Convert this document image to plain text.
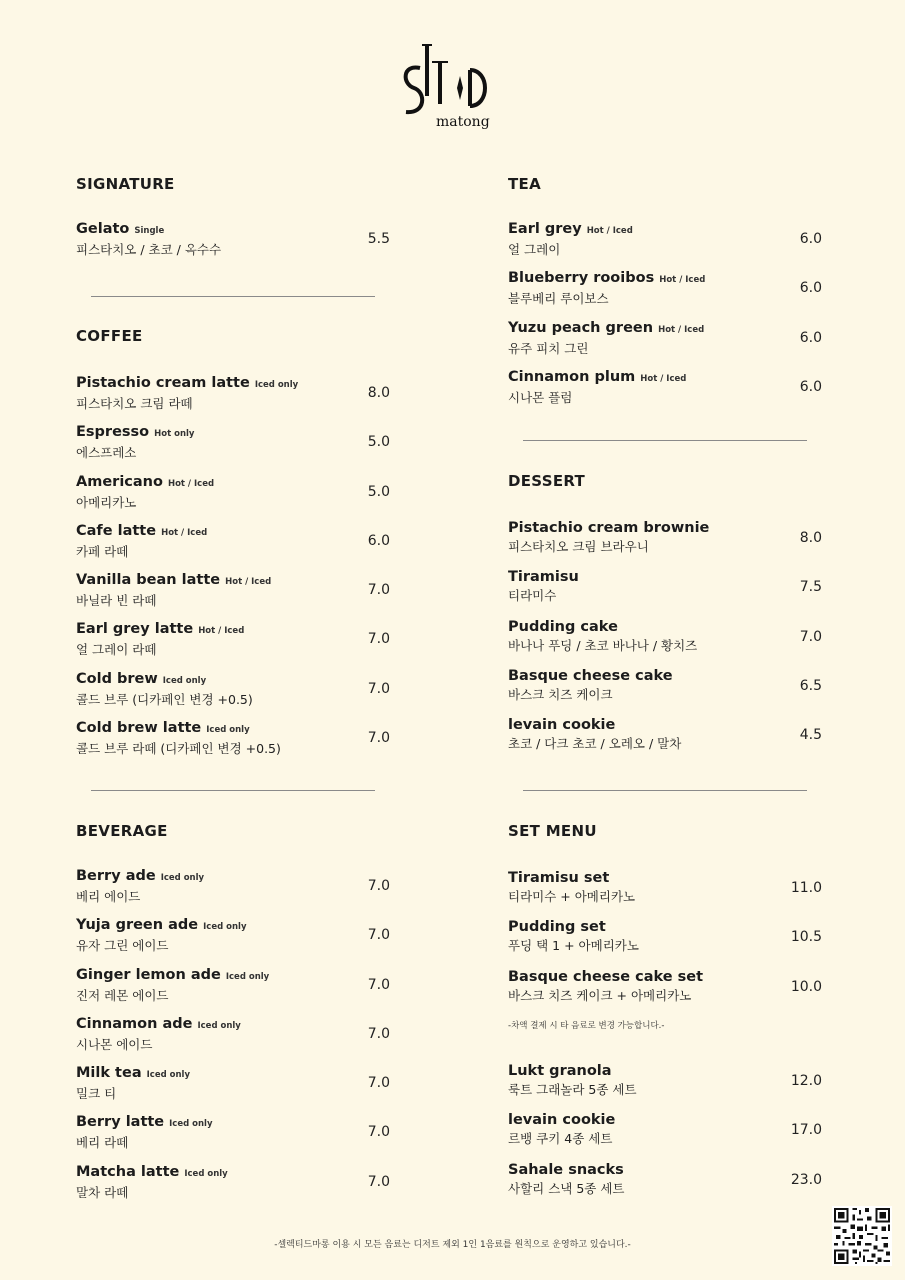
matong
SIGNATURE
Gelato Single
피스타치오 / 초코 / 옥수수
5.5
COFFEE
Pistachio cream latte Iced only
피스타치오 크림 라떼
8.0
Espresso Hot only
에스프레소
5.0
Americano Hot / Iced
아메리카노
5.0
Cafe latte Hot / Iced
카페 라떼
6.0
Vanilla bean latte Hot / Iced
바닐라 빈 라떼
7.0
Earl grey latte Hot / Iced
얼 그레이 라떼
7.0
Cold brew Iced only
콜드 브루 (디카페인 변경 +0.5)
7.0
Cold brew latte Iced only
콜드 브루 라떼 (디카페인 변경 +0.5)
7.0
BEVERAGE
Berry ade Iced only
베리 에이드
7.0
Yuja green ade Iced only
유자 그린 에이드
7.0
Ginger lemon ade Iced only
진저 레몬 에이드
7.0
Cinnamon ade Iced only
시나몬 에이드
7.0
Milk tea Iced only
밀크 티
7.0
Berry latte Iced only
베리 라떼
7.0
Matcha latte Iced only
말차 라떼
7.0
TEA
Earl grey Hot / Iced
얼 그레이
6.0
Blueberry rooibos Hot / Iced
블루베리 루이보스
6.0
Yuzu peach green Hot / Iced
유주 피치 그린
6.0
Cinnamon plum Hot / Iced
시나몬 플럼
6.0
DESSERT
Pistachio cream brownie
피스타치오 크림 브라우니
8.0
Tiramisu
티라미수
7.5
Pudding cake
바나나 푸딩 / 초코 바나나 / 황치즈
7.0
Basque cheese cake
바스크 치즈 케이크
6.5
levain cookie
초코 / 다크 초코 / 오레오 / 말차
4.5
SET MENU
Tiramisu set
티라미수 + 아메리카노
11.0
Pudding set
푸딩 택 1 + 아메리카노
10.5
Basque cheese cake set
바스크 치즈 케이크 + 아메리카노
10.0
Lukt granola
룩트 그래놀라 5종 세트
12.0
levain cookie
르뱅 쿠키 4종 세트
17.0
Sahale snacks
사할리 스낵 5종 세트
23.0
-차액 결제 시 타 음료로 변경 가능합니다.-
-셀렉티드마롱 이용 시 모든 음료는 디저트 제외 1인 1음료를 원칙으로 운영하고 있습니다.-
